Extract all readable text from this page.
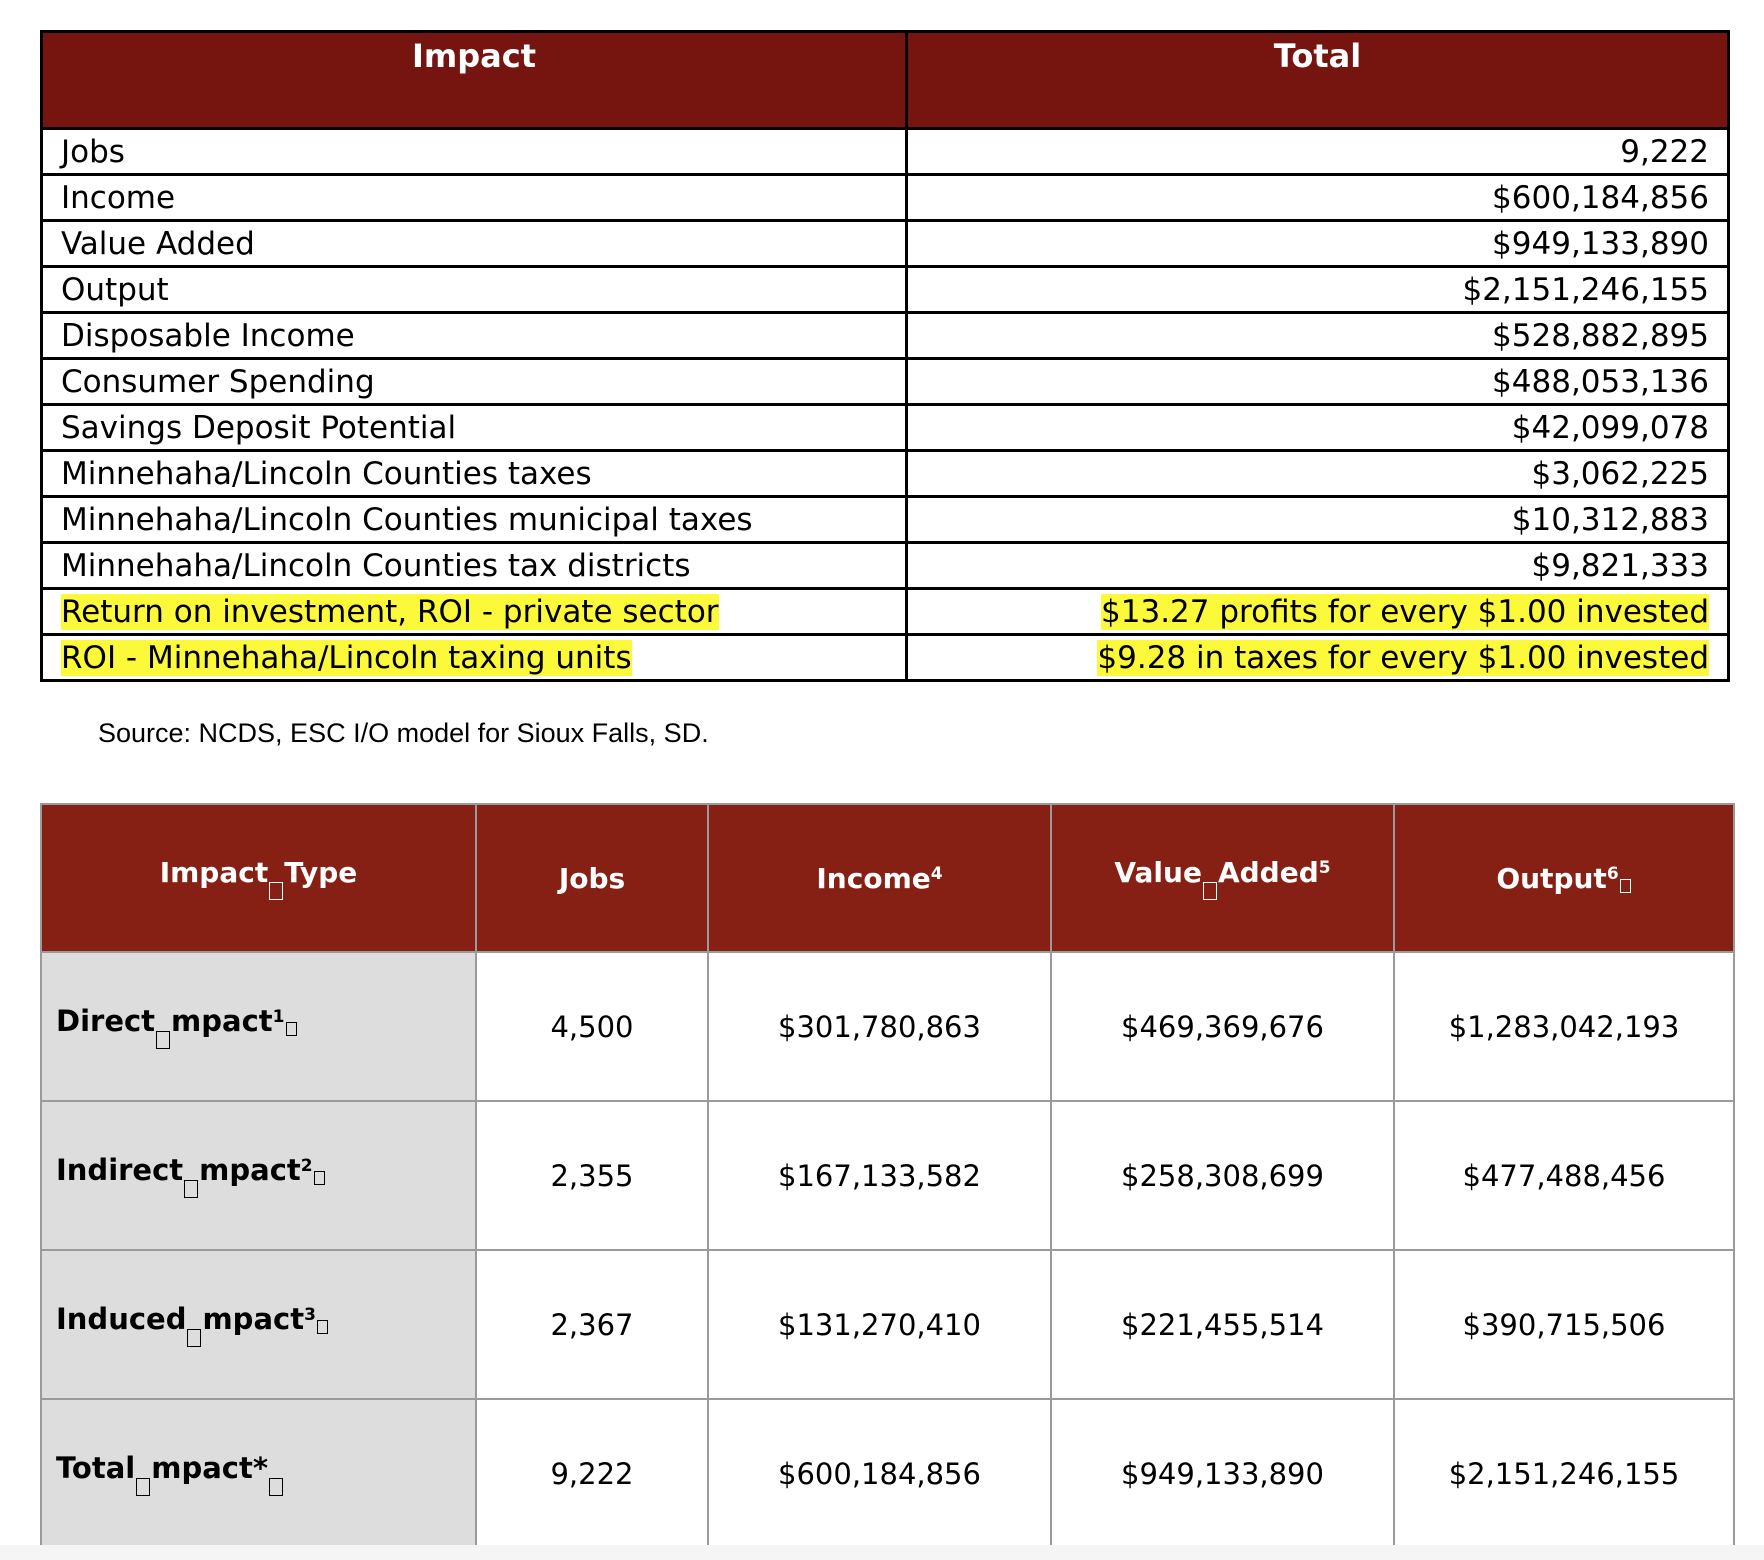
Impact	Total
Jobs	9,222
Income	$600,184,856
Value Added	$949,133,890
Output	$2,151,246,155
Disposable Income	$528,882,895
Consumer Spending	$488,053,136
Savings Deposit Potential	$42,099,078
Minnehaha/Lincoln Counties taxes	$3,062,225
Minnehaha/Lincoln Counties municipal taxes	$10,312,883
Minnehaha/Lincoln Counties tax districts	$9,821,333
Return on investment, ROI - private sector	$13.27 profits for every $1.00 invested
ROI - Minnehaha/Lincoln taxing units	$9.28 in taxes for every $1.00 invested
Source: NCDS, ESC I/O model for Sioux Falls, SD.
Impact Type	Jobs	Income$^4$	Value Added$^5$	Output$^6$
Direct mpact$^1$	4,500	$301,780,863	$469,369,676	$1,283,042,193
Indirect mpact$^2$	2,355	$167,133,582	$258,308,699	$477,488,456
Induced mpact$^3$	2,367	$131,270,410	$221,455,514	$390,715,506
Total mpact*	9,222	$600,184,856	$949,133,890	$2,151,246,155
